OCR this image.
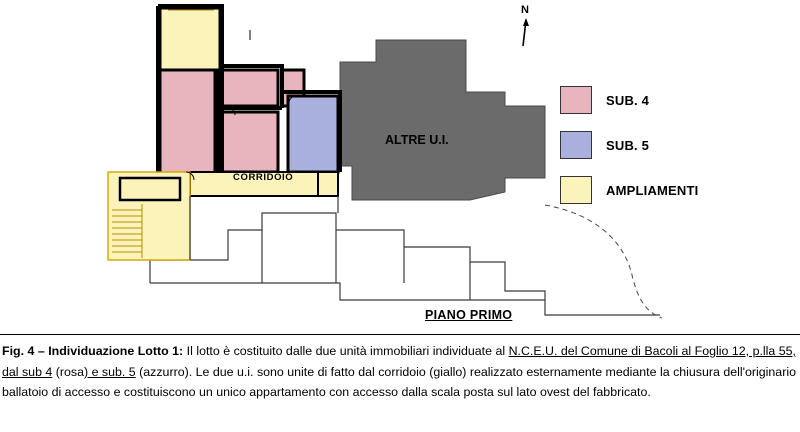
N
ALTRE U.I.
CORRIDOIO
PIANO PRIMO
SUB. 4
SUB. 5
AMPLIAMENTI
Fig. 4 – Individuazione Lotto 1: Il lotto è costituito dalle due unità immobiliari individuate al N.C.E.U. del Comune di Bacoli al Foglio 12, p.lla 55, dal sub 4 (rosa) e sub. 5 (azzurro). Le due u.i. sono unite di fatto dal corridoio (giallo) realizzato esternamente mediante la chiusura dell'originario ballatoio di accesso e costituiscono un unico appartamento con accesso dalla scala posta sul lato ovest del fabbricato.
